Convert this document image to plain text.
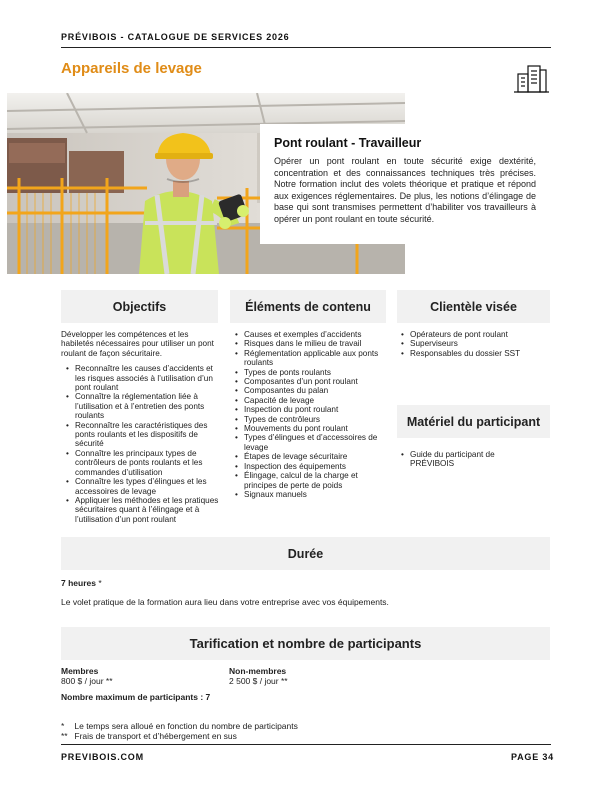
PRÉVIBOIS - CATALOGUE DE SERVICES 2026
Appareils de levage
Pont roulant - Travailleur

Opérer un pont roulant en toute sécurité exige dextérité, concentration et des connaissances techniques très précises. Notre formation inclut des volets théorique et pratique et répond aux exigences réglementaires. De plus, les notions d’élingage de base qui sont transmises permettent d’habiliter vos travailleurs à opérer un pont roulant en toute sécurité.

Objectifs	Éléments de contenu	Clientèle visée
Matériel du participant

Développer les compétences et les habiletés nécessaires pour utiliser un pont roulant de façon sécuritaire.

• Reconnaître les causes d’accidents et les risques associés à l’utilisation d’un pont roulant
• Connaître la réglementation liée à l’utilisation et à l’entretien des ponts roulants
• Reconnaître les caractéristiques des ponts roulants et les dispositifs de sécurité
• Connaître les principaux types de contrôleurs de ponts roulants et les commandes d’utilisation
• Connaître les types d’élingues et les accessoires de levage
• Appliquer les méthodes et les pratiques sécuritaires quant à l’élingage et à l’utilisation d’un pont roulant
• Causes et exemples d’accidents
• Risques dans le milieu de travail
• Réglementation applicable aux ponts roulants
• Types de ponts roulants
• Composantes d’un pont roulant
• Composantes du palan
• Capacité de levage
• Inspection du pont roulant
• Types de contrôleurs
• Mouvements du pont roulant
• Types d’élingues et d’accessoires de levage
• Étapes de levage sécuritaire
• Inspection des équipements
• Élingage, calcul de la charge et principes de perte de poids
• Signaux manuels
• Opérateurs de pont roulant
• Superviseurs
• Responsables du dossier SST
• Guide du participant de PRÉVIBOIS
Durée
7 heures *
Le volet pratique de la formation aura lieu dans votre entreprise avec vos équipements.
Tarification et nombre de participants
Membres
800 $ / jour **
Non-membres
2 500 $ / jour **
Nombre maximum de participants : 7
* Le temps sera alloué en fonction du nombre de participants
** Frais de transport et d’hébergement en sus
PREVIBOIS.COM	PAGE 34
